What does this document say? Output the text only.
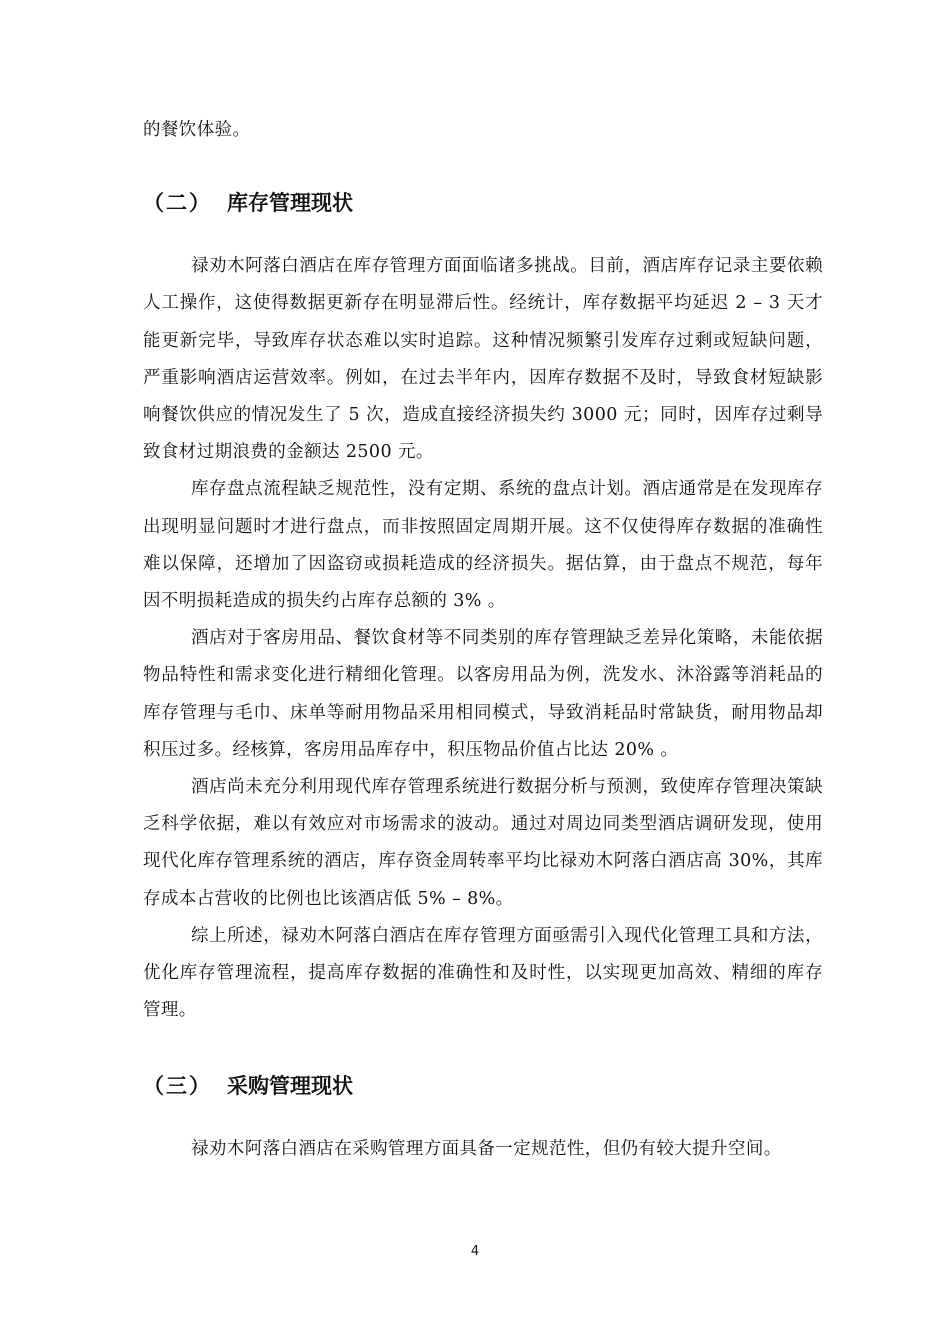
的餐饮体验。

（二） 库存管理现状

禄劝木阿落白酒店在库存管理方面面临诸多挑战。目前，酒店库存记录主要依赖人工操作，这使得数据更新存在明显滞后性。经统计，库存数据平均延迟 2 – 3 天才能更新完毕，导致库存状态难以实时追踪。这种情况频繁引发库存过剩或短缺问题，严重影响酒店运营效率。例如，在过去半年内，因库存数据不及时，导致食材短缺影响餐饮供应的情况发生了 5 次，造成直接经济损失约 3000 元；同时，因库存过剩导致食材过期浪费的金额达 2500 元。

库存盘点流程缺乏规范性，没有定期、系统的盘点计划。酒店通常是在发现库存出现明显问题时才进行盘点，而非按照固定周期开展。这不仅使得库存数据的准确性难以保障，还增加了因盗窃或损耗造成的经济损失。据估算，由于盘点不规范，每年因不明损耗造成的损失约占库存总额的 3% 。

酒店对于客房用品、餐饮食材等不同类别的库存管理缺乏差异化策略，未能依据物品特性和需求变化进行精细化管理。以客房用品为例，洗发水、沐浴露等消耗品的库存管理与毛巾、床单等耐用物品采用相同模式，导致消耗品时常缺货，耐用物品却积压过多。经核算，客房用品库存中，积压物品价值占比达 20% 。

酒店尚未充分利用现代库存管理系统进行数据分析与预测，致使库存管理决策缺乏科学依据，难以有效应对市场需求的波动。通过对周边同类型酒店调研发现，使用现代化库存管理系统的酒店，库存资金周转率平均比禄劝木阿落白酒店高 30%，其库存成本占营收的比例也比该酒店低 5% – 8%。

综上所述，禄劝木阿落白酒店在库存管理方面亟需引入现代化管理工具和方法，优化库存管理流程，提高库存数据的准确性和及时性，以实现更加高效、精细的库存管理。

（三） 采购管理现状

禄劝木阿落白酒店在采购管理方面具备一定规范性，但仍有较大提升空间。

4
